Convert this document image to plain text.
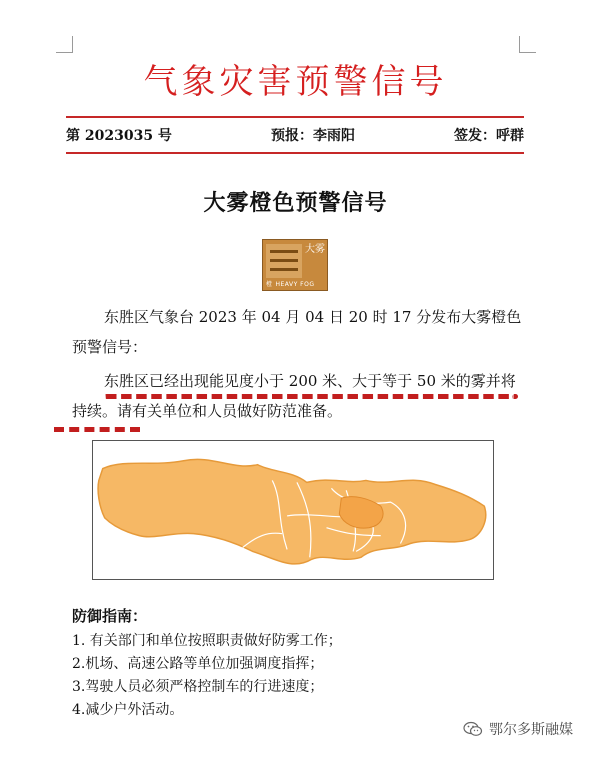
气象灾害预警信号
第 2023035 号	预报：李雨阳	签发：呼群
大雾橙色预警信号
大雾
橙 HEAVY FOG
东胜区气象台 2023 年 04 月 04 日 20 时 17 分发布大雾橙色预警信号：
东胜区已经出现能见度小于 200 米、大于等于 50 米的雾并将持续。请有关单位和人员做好防范准备。
防御指南：
1. 有关部门和单位按照职责做好防雾工作；
2.机场、高速公路等单位加强调度指挥；
3.驾驶人员必须严格控制车的行进速度；
4.减少户外活动。
鄂尔多斯融媒
